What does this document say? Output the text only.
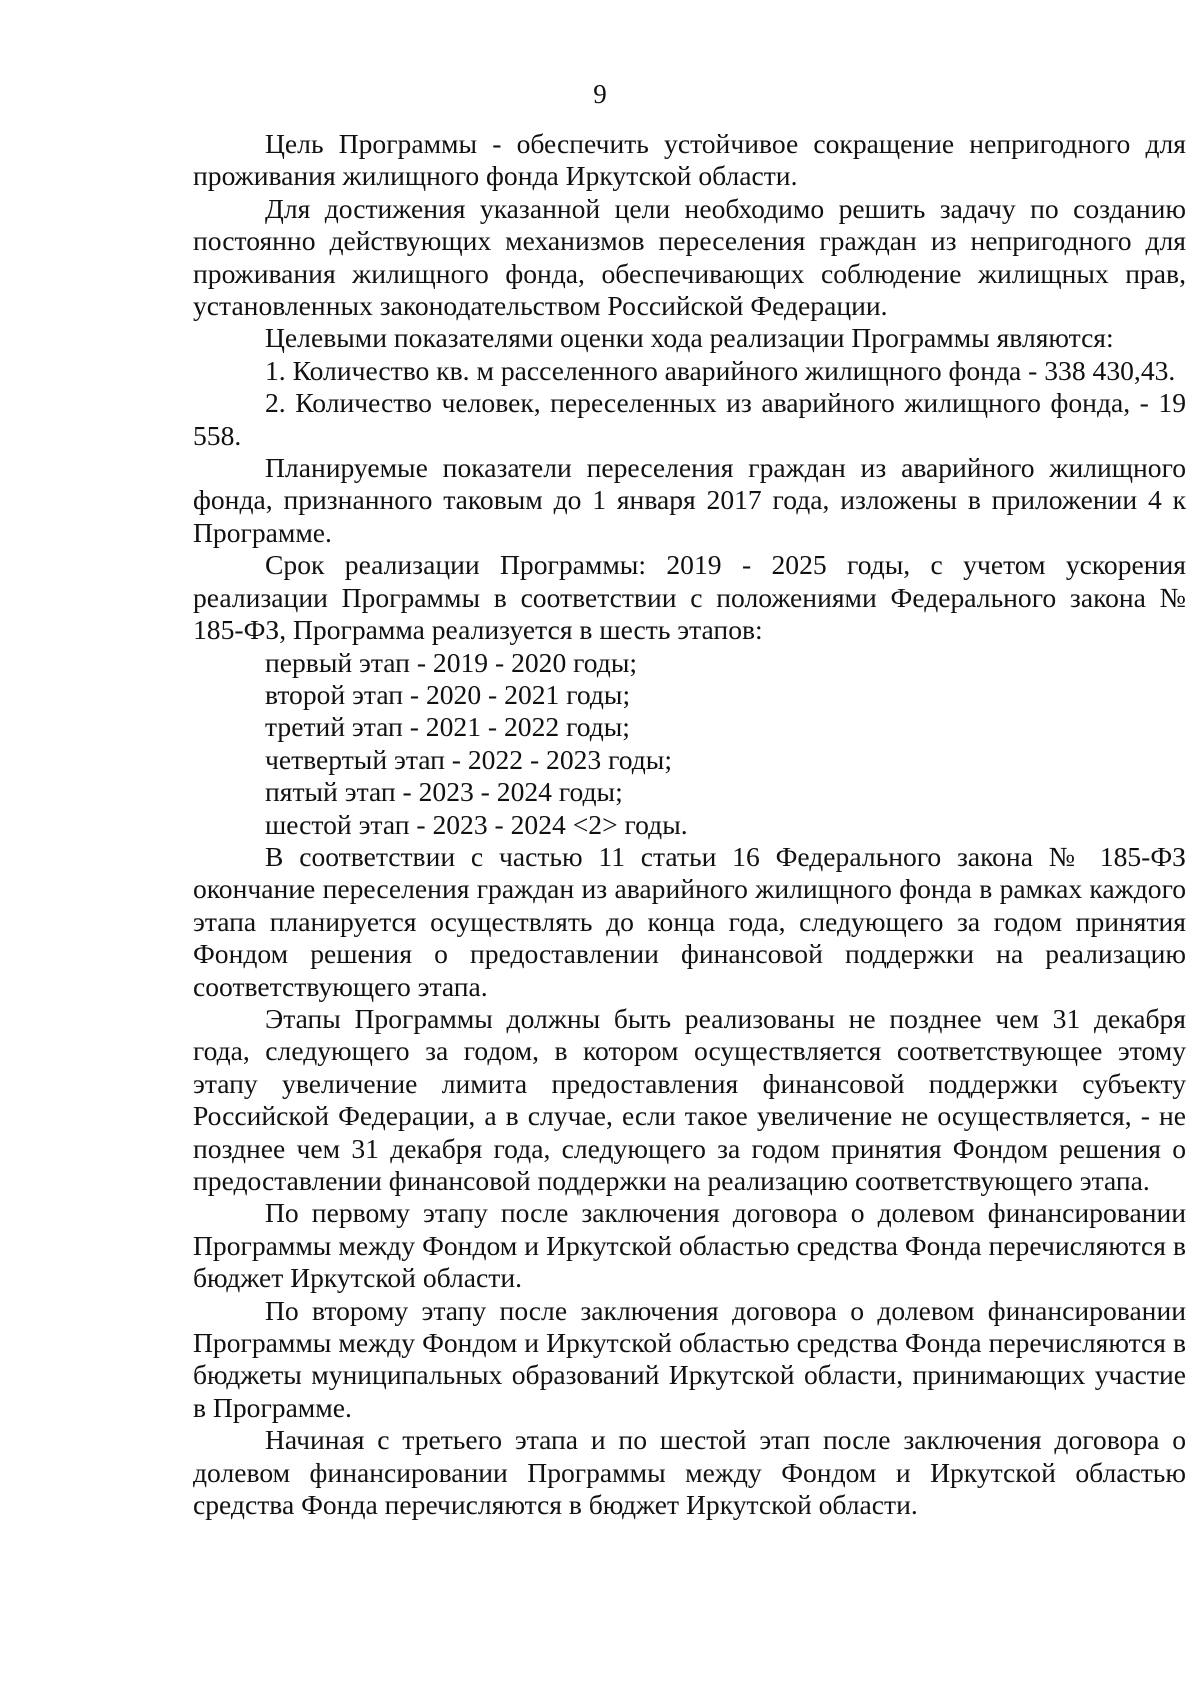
9

Цель Программы - обеспечить устойчивое сокращение непригодного для проживания жилищного фонда Иркутской области.

Для достижения указанной цели необходимо решить задачу по созданию постоянно действующих механизмов переселения граждан из непригодного для проживания жилищного фонда, обеспечивающих соблюдение жилищных прав, установленных законодательством Российской Федерации.

Целевыми показателями оценки хода реализации Программы являются:

1. Количество кв. м расселенного аварийного жилищного фонда - 338 430,43.

2. Количество человек, переселенных из аварийного жилищного фонда, - 19 558.

Планируемые показатели переселения граждан из аварийного жилищного фонда, признанного таковым до 1 января 2017 года, изложены в приложении 4 к Программе.

Срок реализации Программы: 2019 - 2025 годы, с учетом ускорения реализации Программы в соответствии с положениями Федерального закона № 185-ФЗ, Программа реализуется в шесть этапов:

первый этап - 2019 - 2020 годы;

второй этап - 2020 - 2021 годы;

третий этап - 2021 - 2022 годы;

четвертый этап - 2022 - 2023 годы;

пятый этап - 2023 - 2024 годы;

шестой этап - 2023 - 2024 <2> годы.

В соответствии с частью 11 статьи 16 Федерального закона № 185-ФЗ окончание переселения граждан из аварийного жилищного фонда в рамках каждого этапа планируется осуществлять до конца года, следующего за годом принятия Фондом решения о предоставлении финансовой поддержки на реализацию соответствующего этапа.

Этапы Программы должны быть реализованы не позднее чем 31 декабря года, следующего за годом, в котором осуществляется соответствующее этому этапу увеличение лимита предоставления финансовой поддержки субъекту Российской Федерации, а в случае, если такое увеличение не осуществляется, - не позднее чем 31 декабря года, следующего за годом принятия Фондом решения о предоставлении финансовой поддержки на реализацию соответствующего этапа.

По первому этапу после заключения договора о долевом финансировании Программы между Фондом и Иркутской областью средства Фонда перечисляются в бюджет Иркутской области.

По второму этапу после заключения договора о долевом финансировании Программы между Фондом и Иркутской областью средства Фонда перечисляются в бюджеты муниципальных образований Иркутской области, принимающих участие в Программе.

Начиная с третьего этапа и по шестой этап после заключения договора о долевом финансировании Программы между Фондом и Иркутской областью средства Фонда перечисляются в бюджет Иркутской области.
